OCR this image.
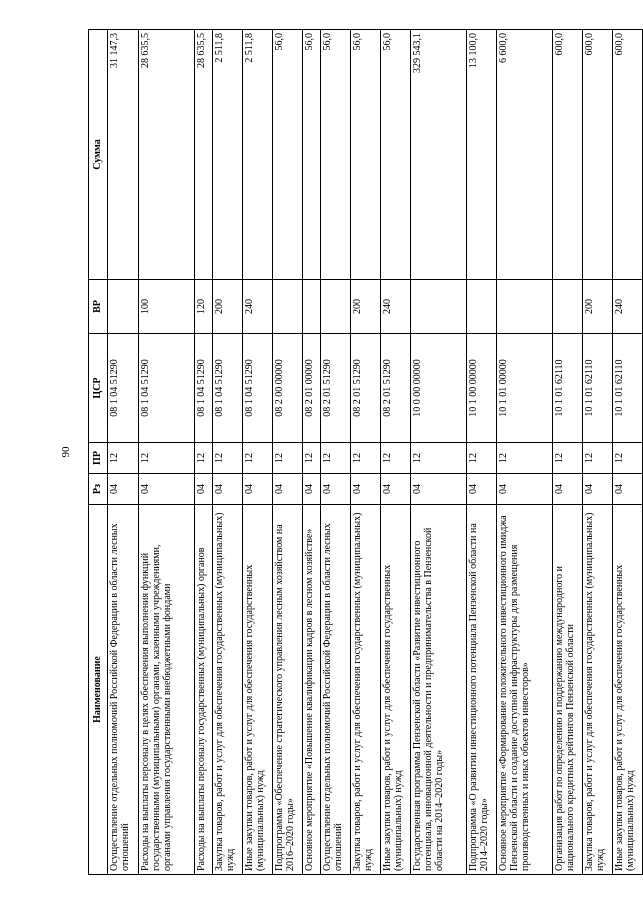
90
Наименование	Рз	ПР	ЦСР	ВР	Сумма
Осуществление отдельных полномочий Российской Федерации в области лесных отношений	04	12	08 1 04 51290		31 147,3
Расходы на выплаты персоналу в целях обеспечения выполнения функций государственными (муниципальными) органами, казенными учреждениями, органами управления государственными внебюджетными фондами	04	12	08 1 04 51290	100	28 635,5
Расходы на выплаты персоналу государственных (муниципальных) органов	04	12	08 1 04 51290	120	28 635,5
Закупка товаров, работ и услуг для обеспечения государственных (муниципальных) нужд	04	12	08 1 04 51290	200	2 511,8
Иные закупки товаров, работ и услуг для обеспечения государственных (муниципальных) нужд	04	12	08 1 04 51290	240	2 511,8
Подпрограмма «Обеспечение стратегического управления лесным хозяйством на 2016–2020 годы»	04	12	08 2 00 00000		56,0
Основное мероприятие «Повышение квалификации кадров в лесном хозяйстве»	04	12	08 2 01 00000		56,0
Осуществление отдельных полномочий Российской Федерации в области лесных отношений	04	12	08 2 01 51290		56,0
Закупка товаров, работ и услуг для обеспечения государственных (муниципальных) нужд	04	12	08 2 01 51290	200	56,0
Иные закупки товаров, работ и услуг для обеспечения государственных (муниципальных) нужд	04	12	08 2 01 51290	240	56,0
Государственная программа Пензенской области «Развитие инвестиционного потенциала, инновационной деятельности и предпринимательства в Пензенской области на 2014–2020 годы»	04	12	10 0 00 00000		329 543,1
Подпрограмма «О развитии инвестиционного потенциала Пензенской области на 2014–2020 годы»	04	12	10 1 00 00000		13 100,0
Основное мероприятие «Формирование положительного инвестиционного имиджа Пензенской области и создание доступной инфраструктуры для размещения производственных и иных объектов инвесторов»	04	12	10 1 01 00000		6 600,0
Организация работ по определению и поддержанию международного и национального кредитных рейтингов Пензенской области	04	12	10 1 01 62110		600,0
Закупка товаров, работ и услуг для обеспечения государственных (муниципальных) нужд	04	12	10 1 01 62110	200	600,0
Иные закупки товаров, работ и услуг для обеспечения государственных (муниципальных) нужд	04	12	10 1 01 62110	240	600,0
